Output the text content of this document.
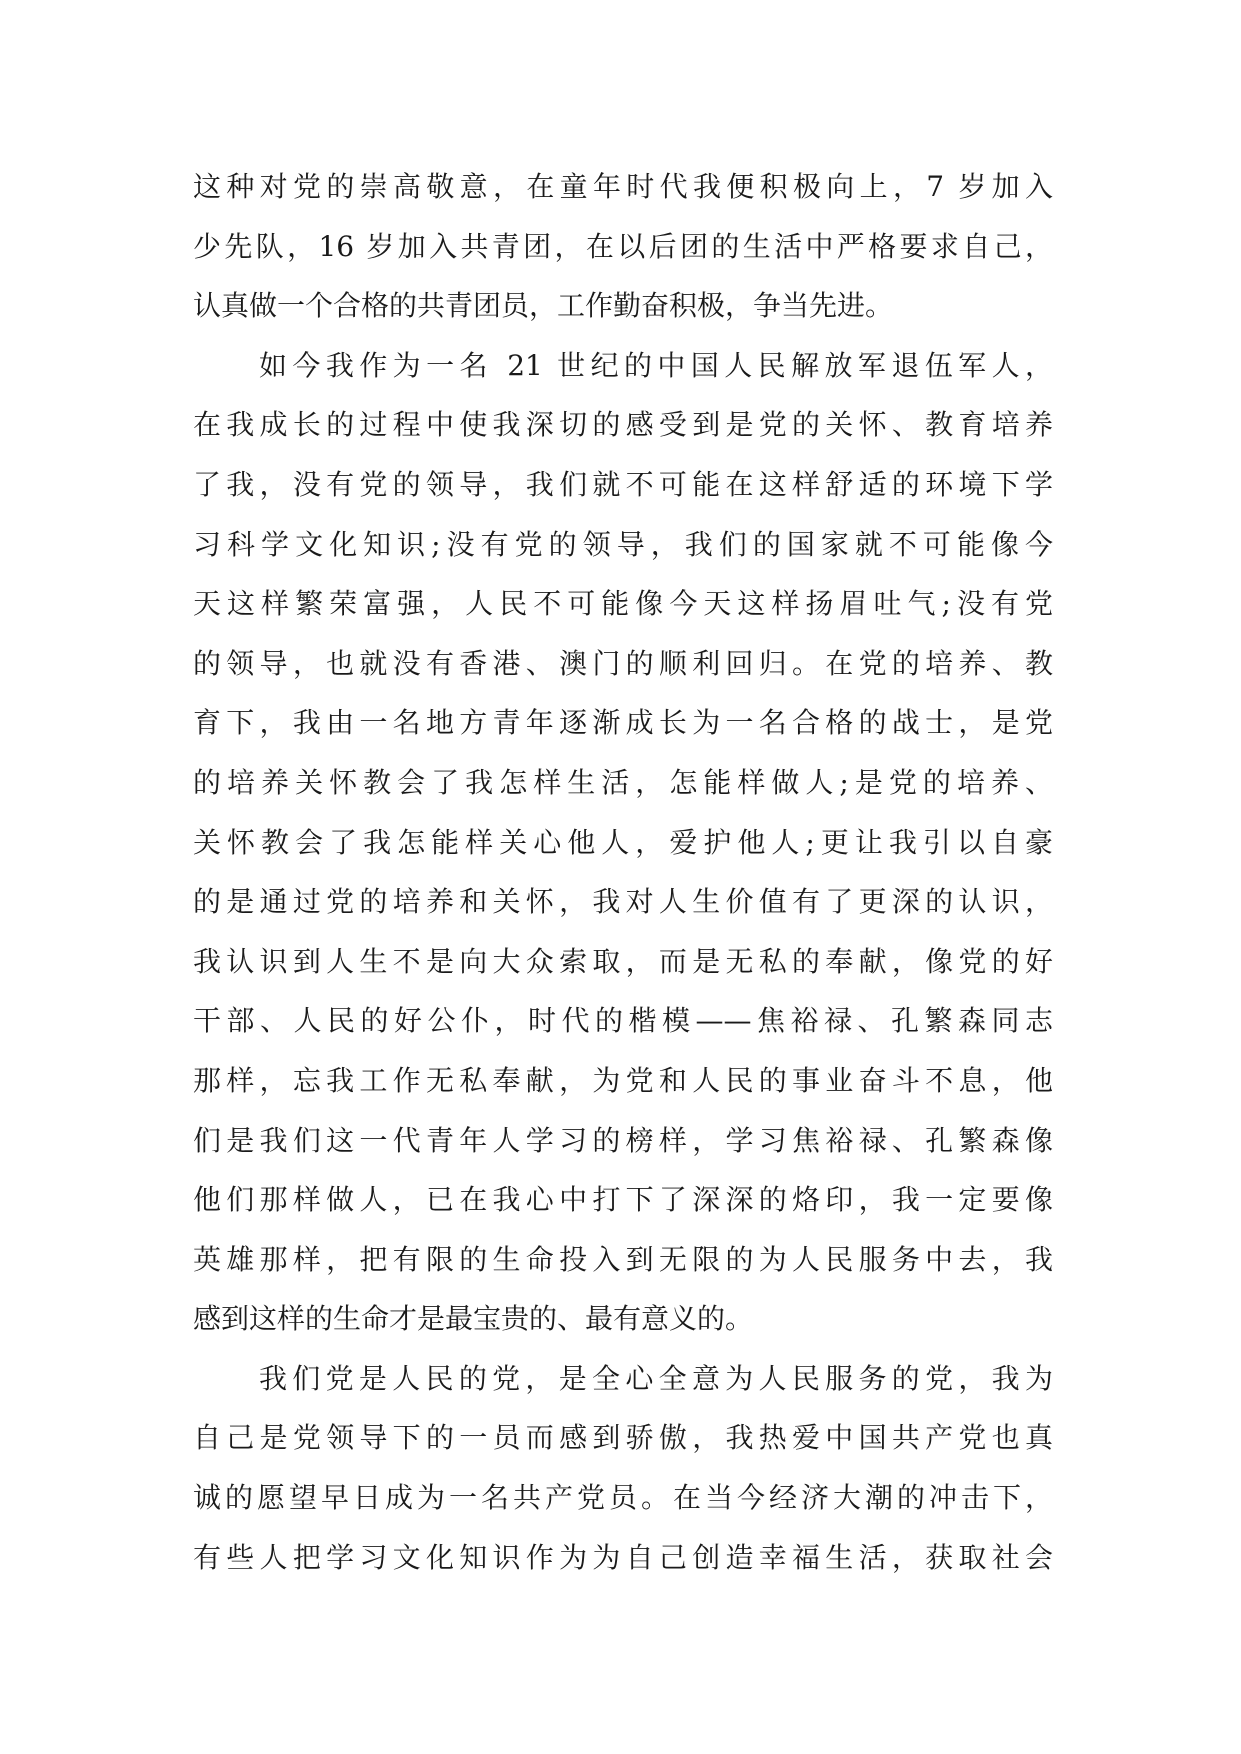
这种对党的崇高敬意，在童年时代我便积极向上，7 岁加入
少先队，16 岁加入共青团，在以后团的生活中严格要求自己，
认真做一个合格的共青团员，工作勤奋积极，争当先进。
如今我作为一名 21 世纪的中国人民解放军退伍军人，
在我成长的过程中使我深切的感受到是党的关怀、教育培养
了我，没有党的领导，我们就不可能在这样舒适的环境下学
习科学文化知识;没有党的领导，我们的国家就不可能像今
天这样繁荣富强，人民不可能像今天这样扬眉吐气;没有党
的领导，也就没有香港、澳门的顺利回归。在党的培养、教
育下，我由一名地方青年逐渐成长为一名合格的战士，是党
的培养关怀教会了我怎样生活，怎能样做人;是党的培养、
关怀教会了我怎能样关心他人，爱护他人;更让我引以自豪
的是通过党的培养和关怀，我对人生价值有了更深的认识，
我认识到人生不是向大众索取，而是无私的奉献，像党的好
干部、人民的好公仆，时代的楷模——焦裕禄、孔繁森同志
那样，忘我工作无私奉献，为党和人民的事业奋斗不息，他
们是我们这一代青年人学习的榜样，学习焦裕禄、孔繁森像
他们那样做人，已在我心中打下了深深的烙印，我一定要像
英雄那样，把有限的生命投入到无限的为人民服务中去，我
感到这样的生命才是最宝贵的、最有意义的。
我们党是人民的党，是全心全意为人民服务的党，我为
自己是党领导下的一员而感到骄傲，我热爱中国共产党也真
诚的愿望早日成为一名共产党员。在当今经济大潮的冲击下，
有些人把学习文化知识作为为自己创造幸福生活，获取社会
